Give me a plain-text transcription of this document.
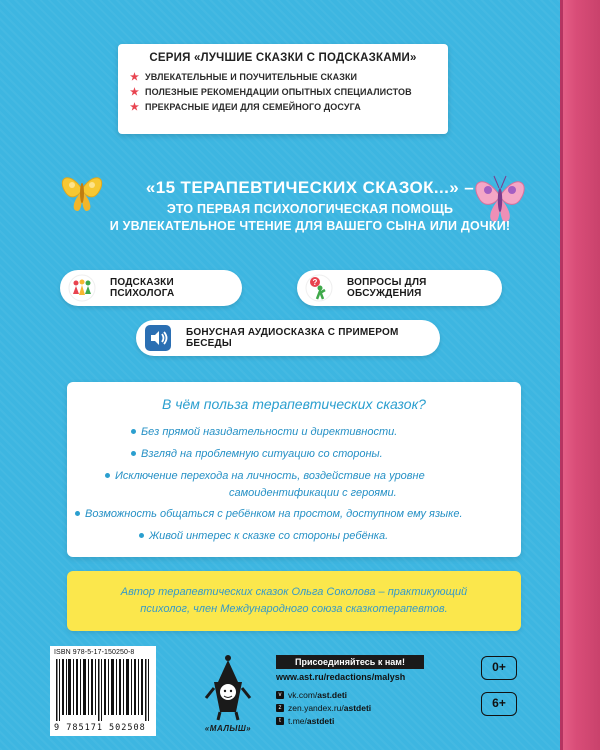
СЕРИЯ «ЛУЧШИЕ СКАЗКИ С ПОДСКАЗКАМИ»
★ УВЛЕКАТЕЛЬНЫЕ И ПОУЧИТЕЛЬНЫЕ СКАЗКИ
★ ПОЛЕЗНЫЕ РЕКОМЕНДАЦИИ ОПЫТНЫХ СПЕЦИАЛИСТОВ
★ ПРЕКРАСНЫЕ ИДЕИ ДЛЯ СЕМЕЙНОГО ДОСУГА
«15 ТЕРАПЕВТИЧЕСКИХ СКАЗОК...» –
ЭТО ПЕРВАЯ ПСИХОЛОГИЧЕСКАЯ ПОМОЩЬ
И УВЛЕКАТЕЛЬНОЕ ЧТЕНИЕ ДЛЯ ВАШЕГО СЫНА ИЛИ ДОЧКИ!
ПОДСКАЗКИ ПСИХОЛОГА
?	ВОПРОСЫ ДЛЯ ОБСУЖДЕНИЯ
БОНУСНАЯ АУДИОСКАЗКА С ПРИМЕРОМ БЕСЕДЫ
В чём польза терапевтических сказок?
Без прямой назидательности и директивности.
Взгляд на проблемную ситуацию со стороны.
Исключение перехода на личность, воздействие на уровне
самоидентификации с героями.
Возможность общаться с ребёнком на простом, доступном ему языке.
Живой интерес к сказке со стороны ребёнка.
Автор терапевтических сказок Ольга Соколова – практикующий
психолог, член Международного союза сказкотерапевтов.
ISBN 978-5-17-150250-8
9 785171 502508	«МАЛЫШ»
Присоединяйтесь к нам!
www.ast.ru/redactions/malysh
v vk.com/ ast.deti
z zen.yandex.ru/ astdeti
t t.me/ astdeti
0+
6+
